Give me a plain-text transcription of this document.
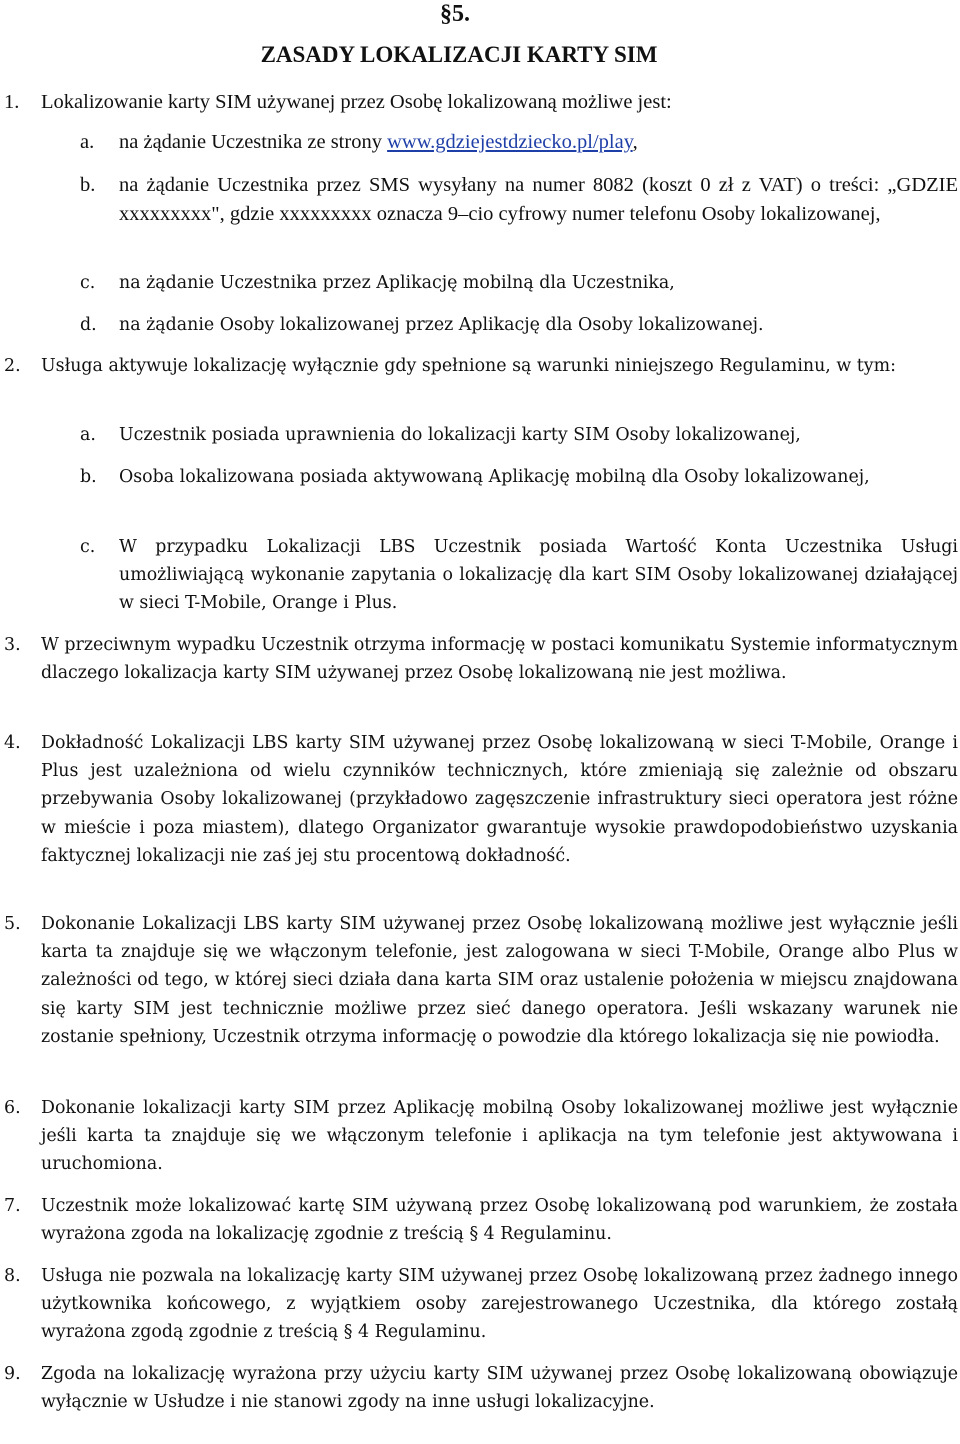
§5.
ZASADY LOKALIZACJI KARTY SIM
1.	Lokalizowanie karty SIM używanej przez Osobę lokalizowaną możliwe jest:
a.	na żądanie Uczestnika ze strony www.gdziejestdziecko.pl/play,
b.	na żądanie Uczestnika przez SMS wysyłany na numer 8082 (koszt 0 zł z VAT) o treści: „GDZIE xxxxxxxxx", gdzie xxxxxxxxx oznacza 9–cio cyfrowy numer telefonu Osoby lokalizowanej,
c.	na żądanie Uczestnika przez Aplikację mobilną dla Uczestnika,
d.	na żądanie Osoby lokalizowanej przez Aplikację dla Osoby lokalizowanej.
2.	Usługa aktywuje lokalizację wyłącznie gdy spełnione są warunki niniejszego Regulaminu, w tym:
a.	Uczestnik posiada uprawnienia do lokalizacji karty SIM Osoby lokalizowanej,
b.	Osoba lokalizowana posiada aktywowaną Aplikację mobilną dla Osoby lokalizowanej,
c.	W przypadku Lokalizacji LBS Uczestnik posiada Wartość Konta Uczestnika Usługi umożliwiającą wykonanie zapytania o lokalizację dla kart SIM Osoby lokalizowanej działającej w sieci T-Mobile, Orange i Plus.
3.	W przeciwnym wypadku Uczestnik otrzyma informację w postaci komunikatu Systemie informatycznym dlaczego lokalizacja karty SIM używanej przez Osobę lokalizowaną nie jest możliwa.
4.	Dokładność Lokalizacji LBS karty SIM używanej przez Osobę lokalizowaną w sieci T-Mobile, Orange i Plus jest uzależniona od wielu czynników technicznych, które zmieniają się zależnie od obszaru przebywania Osoby lokalizowanej (przykładowo zagęszczenie infrastruktury sieci operatora jest różne w mieście i poza miastem), dlatego Organizator gwarantuje wysokie prawdopodobieństwo uzyskania faktycznej lokalizacji nie zaś jej stu procentową dokładność.
5.	Dokonanie Lokalizacji LBS karty SIM używanej przez Osobę lokalizowaną możliwe jest wyłącznie jeśli karta ta znajduje się we włączonym telefonie, jest zalogowana w sieci T-Mobile, Orange albo Plus w zależności od tego, w której sieci działa dana karta SIM oraz ustalenie położenia w miejscu znajdowana się karty SIM jest technicznie możliwe przez sieć danego operatora. Jeśli wskazany warunek nie zostanie spełniony, Uczestnik otrzyma informację o powodzie dla którego lokalizacja się nie powiodła.
6.	Dokonanie lokalizacji karty SIM przez Aplikację mobilną Osoby lokalizowanej możliwe jest wyłącznie jeśli karta ta znajduje się we włączonym telefonie i aplikacja na tym telefonie jest aktywowana i uruchomiona.
7.	Uczestnik może lokalizować kartę SIM używaną przez Osobę lokalizowaną pod warunkiem, że została wyrażona zgoda na lokalizację zgodnie z treścią § 4 Regulaminu.
8.	Usługa nie pozwala na lokalizację karty SIM używanej przez Osobę lokalizowaną przez żadnego innego użytkownika końcowego, z wyjątkiem osoby zarejestrowanego Uczestnika, dla którego zostałą wyrażona zgodą zgodnie z treścią § 4 Regulaminu.
9.	Zgoda na lokalizację wyrażona przy użyciu karty SIM używanej przez Osobę lokalizowaną obowiązuje wyłącznie w Usłudze i nie stanowi zgody na inne usługi lokalizacyjne.
